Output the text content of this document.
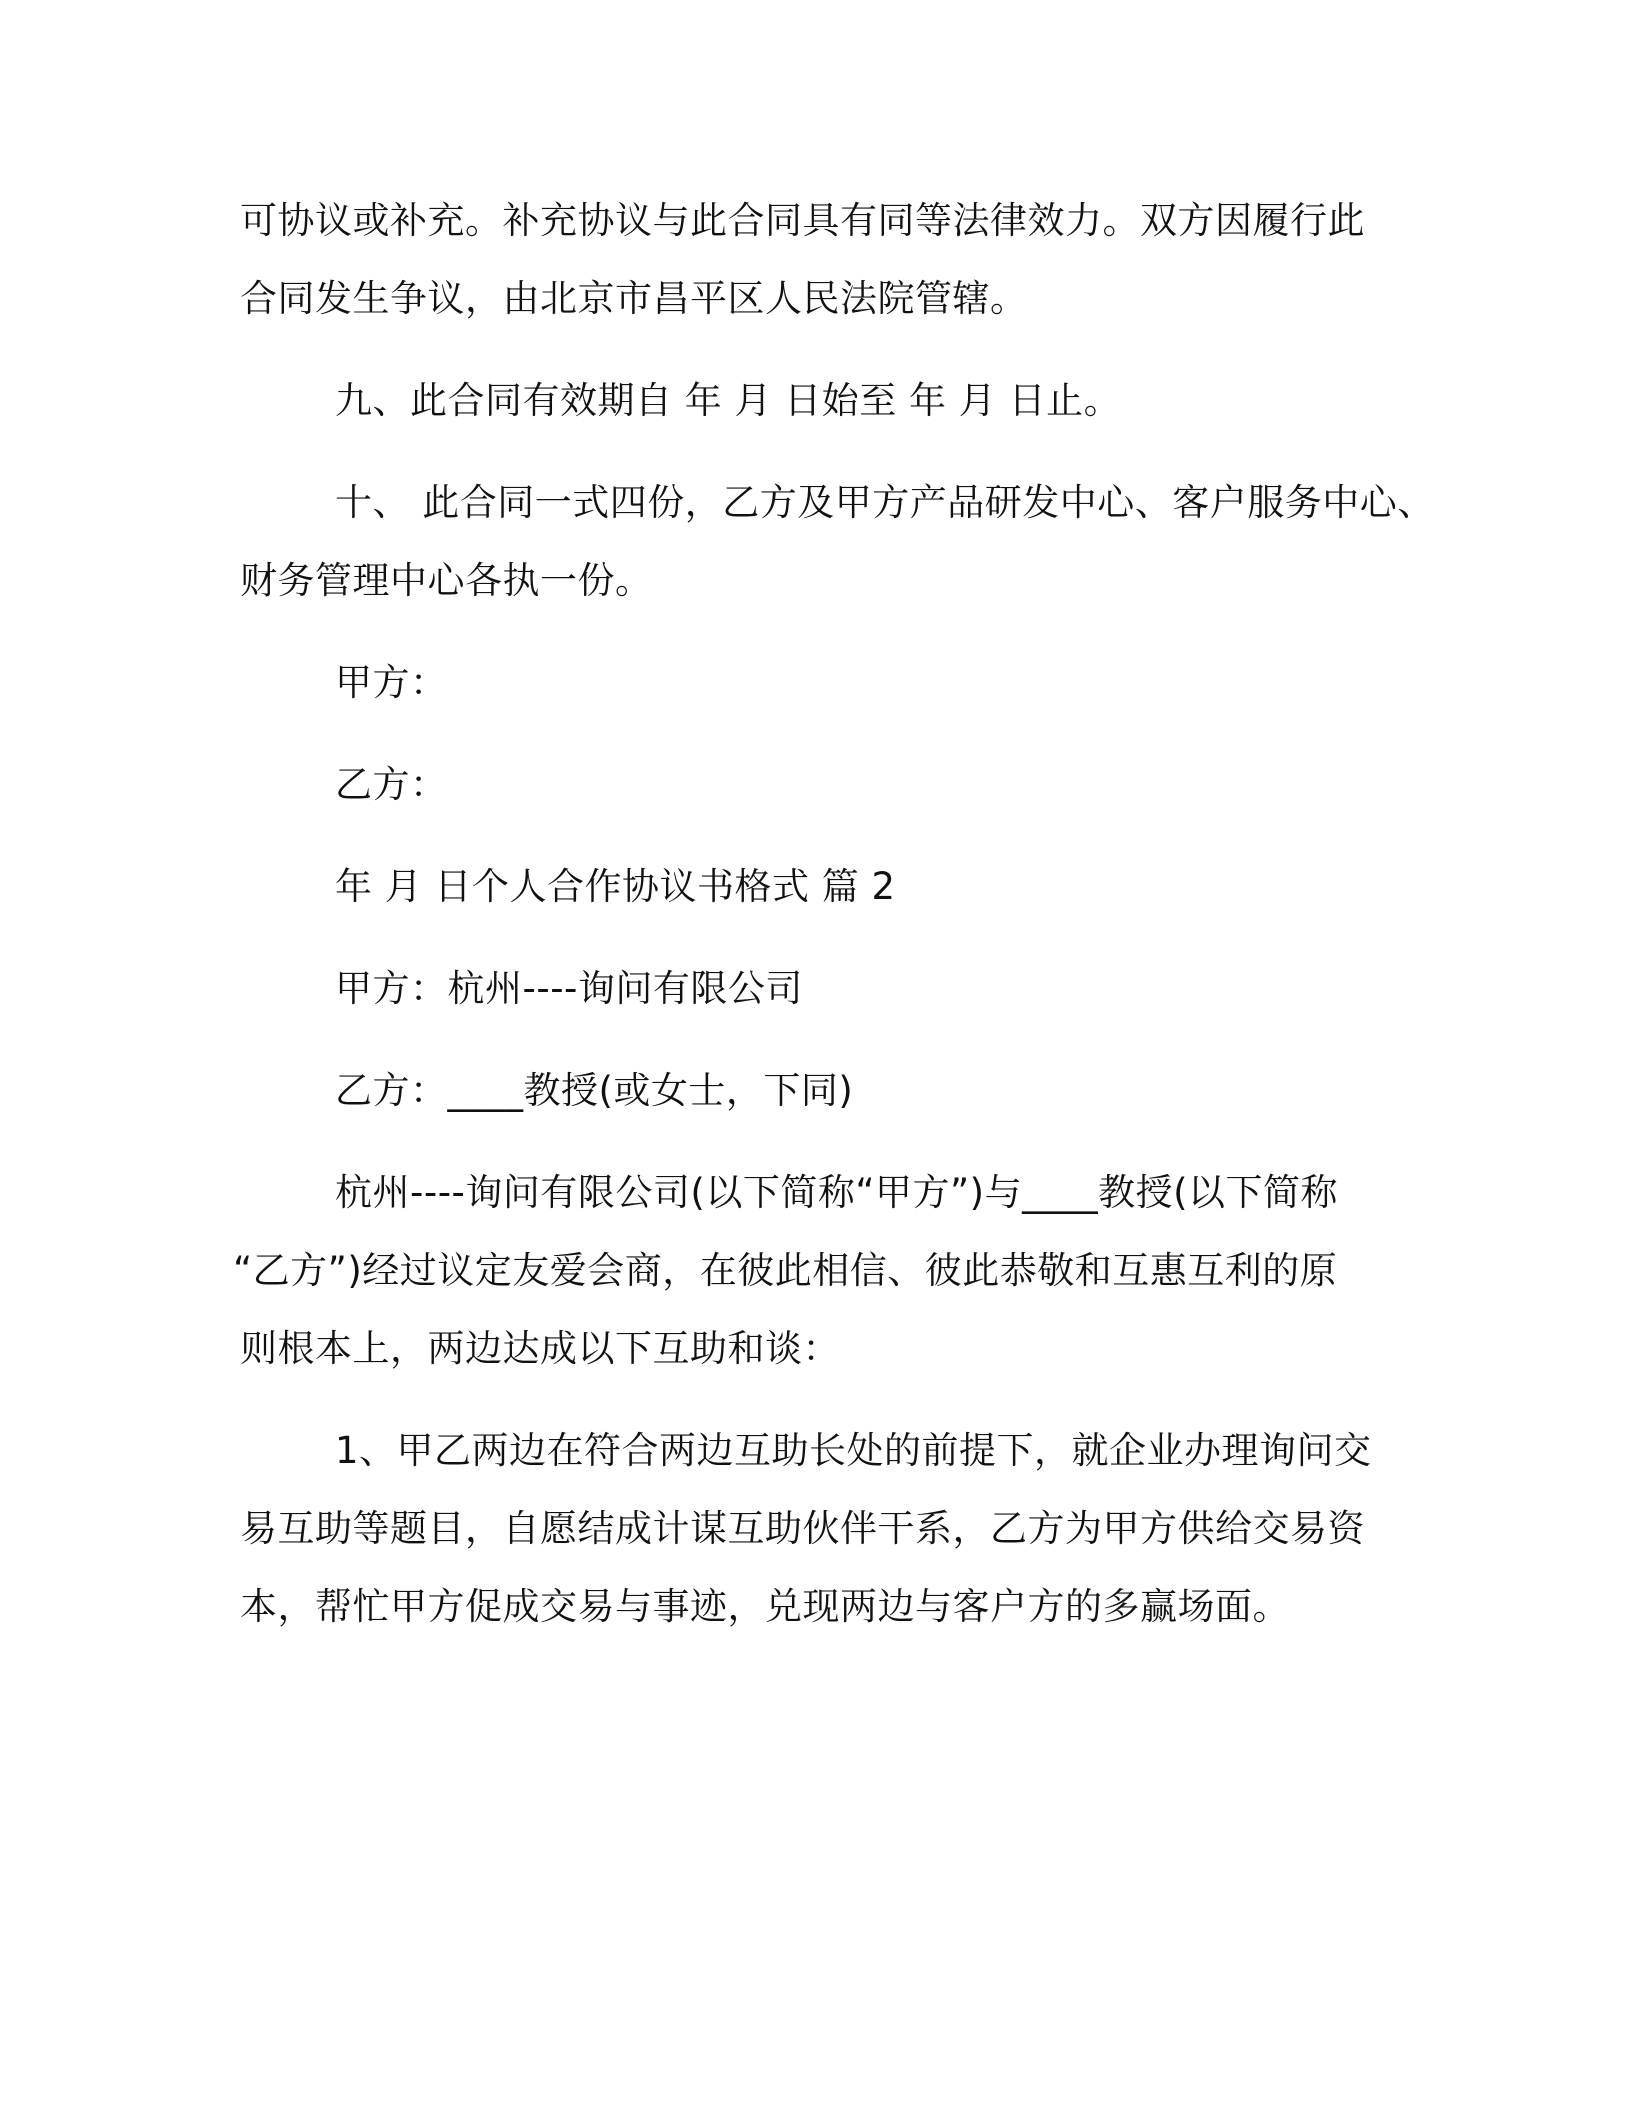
可协议或补充。补充协议与此合同具有同等法律效力。双方因履行此
合同发生争议，由北京市昌平区人民法院管辖。
九、此合同有效期自 年 月 日始至 年 月 日止。
十、 此合同一式四份，乙方及甲方产品研发中心、客户服务中心、
财务管理中心各执一份。
甲方：
乙方：
年 月 日个人合作协议书格式 篇 2
甲方：杭州----询问有限公司
乙方：____教授(或女士，下同)
杭州----询问有限公司(以下简称“甲方”)与____教授(以下简称
“乙方”)经过议定友爱会商，在彼此相信、彼此恭敬和互惠互利的原
则根本上，两边达成以下互助和谈：
1、甲乙两边在符合两边互助长处的前提下，就企业办理询问交
易互助等题目，自愿结成计谋互助伙伴干系，乙方为甲方供给交易资
本，帮忙甲方促成交易与事迹，兑现两边与客户方的多赢场面。
